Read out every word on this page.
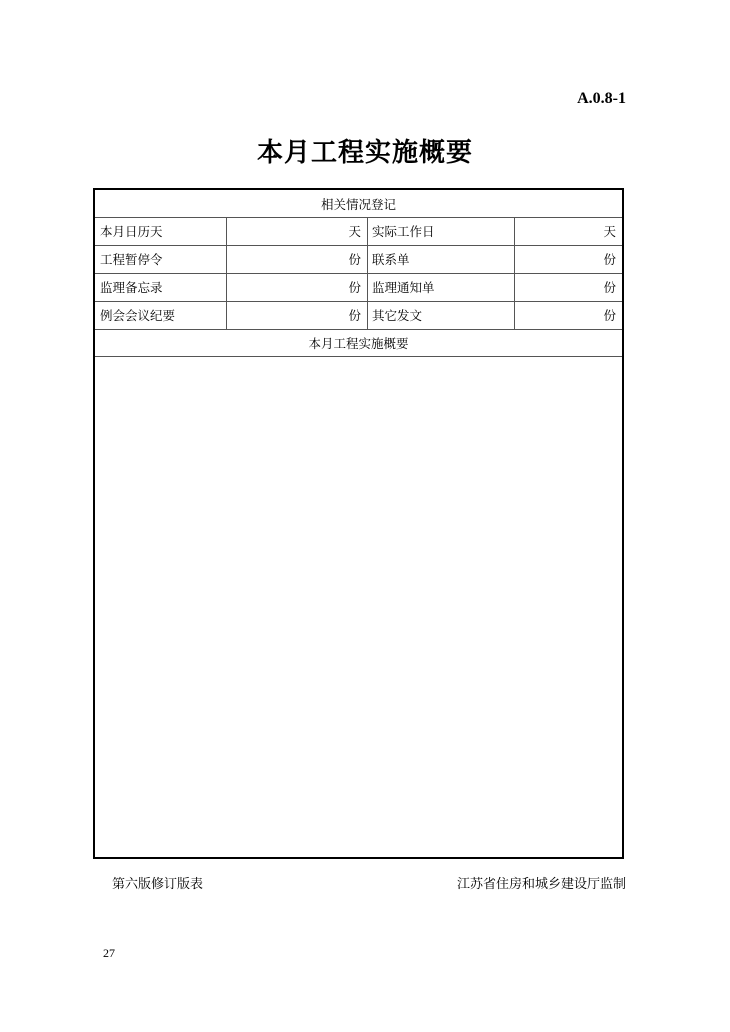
A.0.8-1
本月工程实施概要
相关情况登记
本月日历天	天 实际工作日	天
工程暂停令	份 联系单	份
监理备忘录	份 监理通知单	份
例会会议纪要	份 其它发文	份
本月工程实施概要
第六版修订版表	江苏省住房和城乡建设厅监制
27
